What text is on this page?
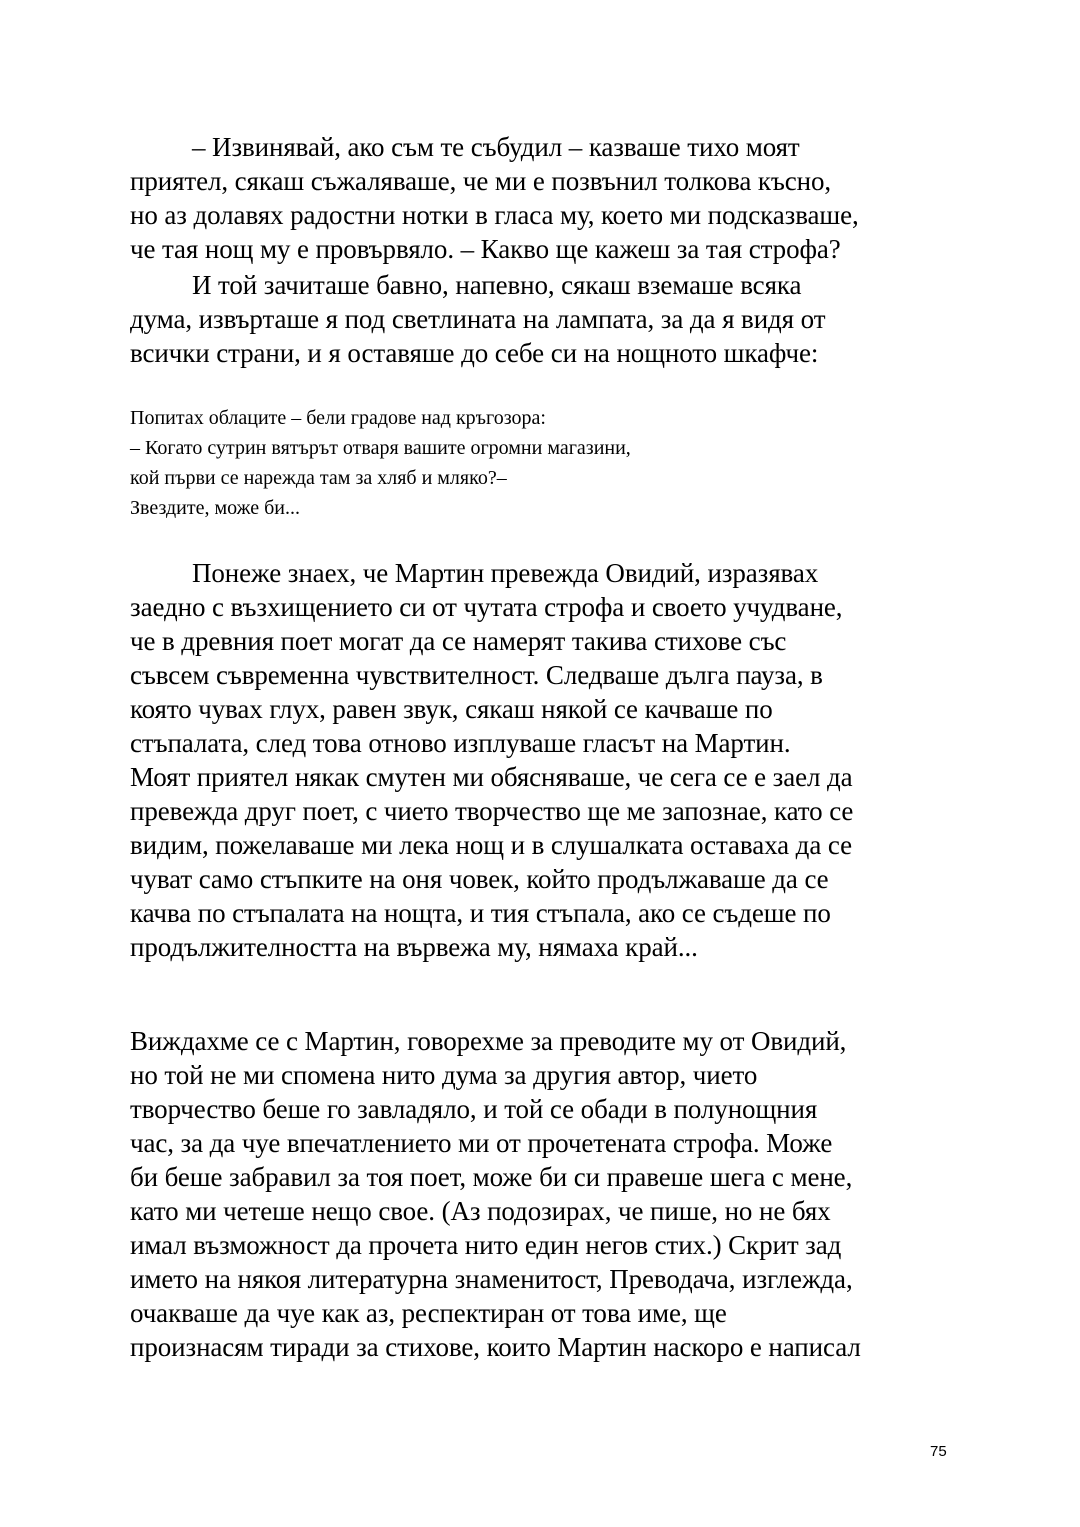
– Извинявай, ако съм те събудил – казваше тихо моят
приятел, сякаш съжаляваше, че ми е позвънил толкова късно,
но аз долавях радостни нотки в гласа му, което ми подсказваше,
че тая нощ му е провървяло. – Какво ще кажеш за тая строфа?
И той зачиташе бавно, напевно, сякаш вземаше всяка
дума, извърташе я под светлината на лампата, за да я видя от
всички страни, и я оставяше до себе си на нощното шкафче:
Попитах облаците – бели градове над кръгозора:
– Когато сутрин вятърът отваря вашите огромни магазини,
кой първи се нарежда там за хляб и мляко?–
Звездите, може би...
Понеже знаех, че Мартин превежда Овидий, изразявах
заедно с възхищението си от чутата строфа и своето учудване,
че в древния поет могат да се намерят такива стихове със
съвсем съвременна чувствителност. Следваше дълга пауза, в
която чувах глух, равен звук, сякаш някой се качваше по
стъпалата, след това отново изплуваше гласът на Мартин.
Моят приятел някак смутен ми обясняваше, че сега се е заел да
превежда друг поет, с чието творчество ще ме запознае, като се
видим, пожелаваше ми лека нощ и в слушалката оставаха да се
чуват само стъпките на оня човек, който продължаваше да се
качва по стъпалата на нощта, и тия стъпала, ако се съдеше по
продължителността на вървежа му, нямаха край...
Виждахме се с Мартин, говорехме за преводите му от Овидий,
но той не ми спомена нито дума за другия автор, чието
творчество беше го завладяло, и той се обади в полунощния
час, за да чуе впечатлението ми от прочетената строфа. Може
би беше забравил за тоя поет, може би си правеше шега с мене,
като ми четеше нещо свое. (Аз подозирах, че пише, но не бях
имал възможност да прочета нито един негов стих.) Скрит зад
името на някоя литературна знаменитост, Преводача, изглежда,
очакваше да чуе как аз, респектиран от това име, ще
произнасям тиради за стихове, които Мартин наскоро е написал
75
